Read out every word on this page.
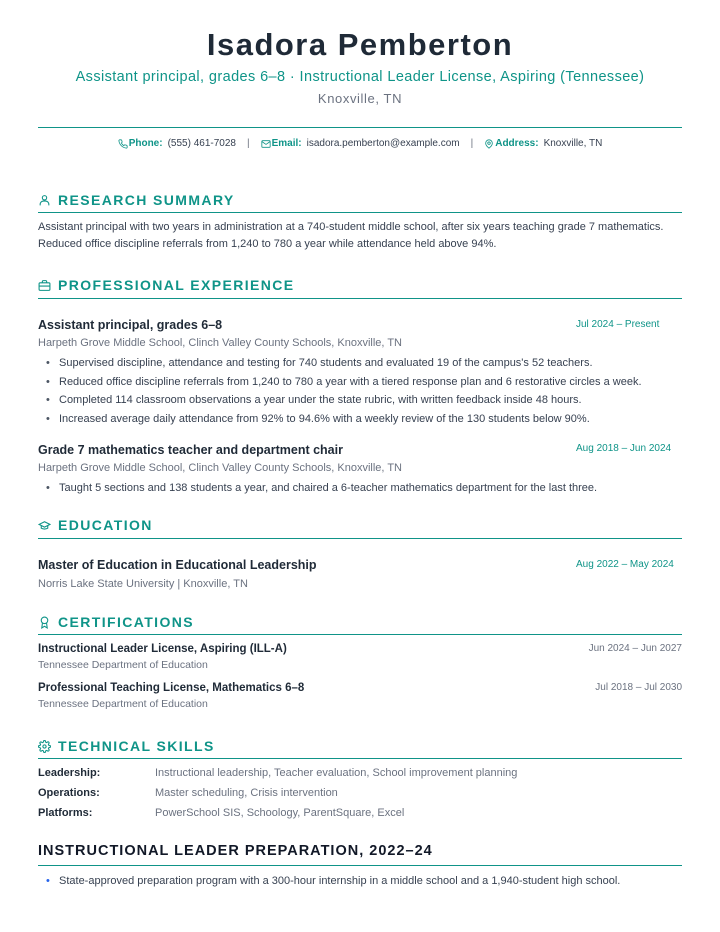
Isadora Pemberton
Assistant principal, grades 6–8 · Instructional Leader License, Aspiring (Tennessee)
Knoxville, TN
Phone: (555) 461-7028 | Email: isadora.pemberton@example.com | Address: Knoxville, TN
RESEARCH SUMMARY
Assistant principal with two years in administration at a 740-student middle school, after six years teaching grade 7 mathematics. Reduced office discipline referrals from 1,240 to 780 a year while attendance held above 94%.
PROFESSIONAL EXPERIENCE
Assistant principal, grades 6–8	Jul 2024 – Present
Harpeth Grove Middle School, Clinch Valley County Schools, Knoxville, TN
• Supervised discipline, attendance and testing for 740 students and evaluated 19 of the campus's 52 teachers.
• Reduced office discipline referrals from 1,240 to 780 a year with a tiered response plan and 6 restorative circles a week.
• Completed 114 classroom observations a year under the state rubric, with written feedback inside 48 hours.
• Increased average daily attendance from 92% to 94.6% with a weekly review of the 130 students below 90%.
Grade 7 mathematics teacher and department chair	Aug 2018 – Jun 2024
Harpeth Grove Middle School, Clinch Valley County Schools, Knoxville, TN
• Taught 5 sections and 138 students a year, and chaired a 6-teacher mathematics department for the last three.
EDUCATION
Master of Education in Educational Leadership	Aug 2022 – May 2024
Norris Lake State University | Knoxville, TN
CERTIFICATIONS
Instructional Leader License, Aspiring (ILL-A)	Jun 2024 – Jun 2027
Tennessee Department of Education
Professional Teaching License, Mathematics 6–8	Jul 2018 – Jul 2030
Tennessee Department of Education
TECHNICAL SKILLS
Leadership:	Instructional leadership, Teacher evaluation, School improvement planning
Operations:	Master scheduling, Crisis intervention
Platforms:	PowerSchool SIS, Schoology, ParentSquare, Excel
INSTRUCTIONAL LEADER PREPARATION, 2022–24
• State-approved preparation program with a 300-hour internship in a middle school and a 1,940-student high school.
